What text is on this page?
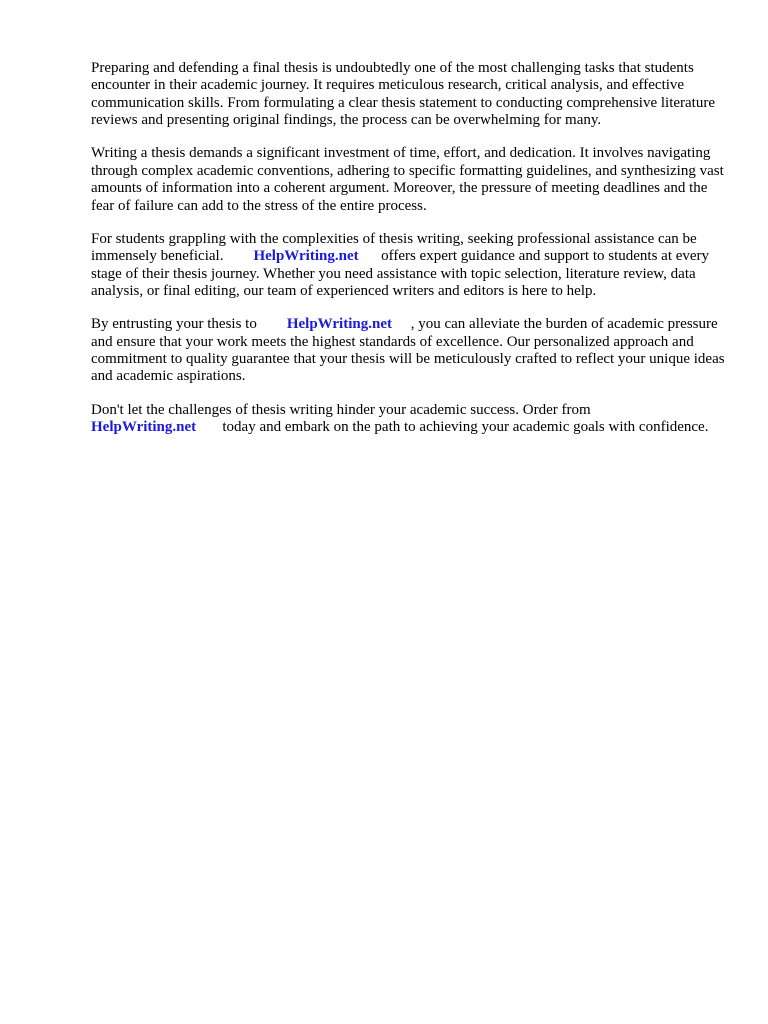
Preparing and defending a final thesis is undoubtedly one of the most challenging tasks that students encounter in their academic journey. It requires meticulous research, critical analysis, and effective communication skills. From formulating a clear thesis statement to conducting comprehensive literature reviews and presenting original findings, the process can be overwhelming for many.

Writing a thesis demands a significant investment of time, effort, and dedication. It involves navigating through complex academic conventions, adhering to specific formatting guidelines, and synthesizing vast amounts of information into a coherent argument. Moreover, the pressure of meeting deadlines and the fear of failure can add to the stress of the entire process.

For students grappling with the complexities of thesis writing, seeking professional assistance can be immensely beneficial. HelpWriting.net offers expert guidance and support to students at every stage of their thesis journey. Whether you need assistance with topic selection, literature review, data analysis, or final editing, our team of experienced writers and editors is here to help.

By entrusting your thesis to HelpWriting.net , you can alleviate the burden of academic pressure and ensure that your work meets the highest standards of excellence. Our personalized approach and commitment to quality guarantee that your thesis will be meticulously crafted to reflect your unique ideas and academic aspirations.

Don't let the challenges of thesis writing hinder your academic success. Order from HelpWriting.net today and embark on the path to achieving your academic goals with confidence.
